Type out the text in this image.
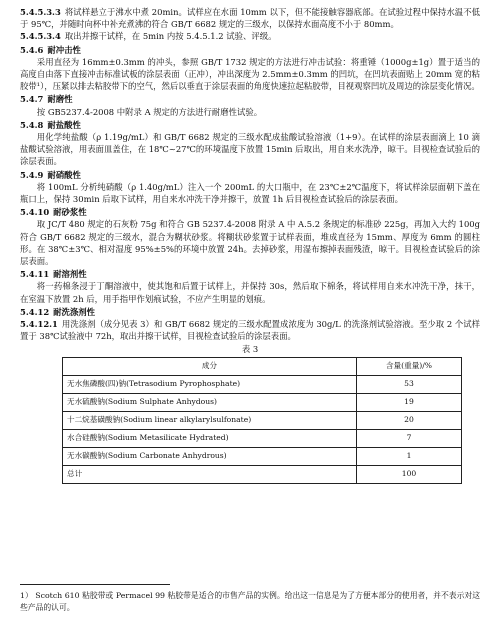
5.4.5.3.3 将试样悬立于沸水中煮 20min。试样应在水面 10mm 以下，但不能接触容器底部。在试验过程中保持水温不低于 95℃，并随时向杯中补充煮沸的符合 GB/T 6682 规定的三级水，以保持水面高度不小于 80mm。

5.4.5.3.4 取出并擦干试样，在 5min 内按 5.4.5.1.2 试验、评级。

5.4.6 耐冲击性

采用直径为 16mm±0.3mm 的冲头，参照 GB/T 1732 规定的方法进行冲击试验：将重锤（1000g±1g）置于适当的高度自由落下直接冲击标准试板的涂层表面（正冲），冲出深度为 2.5mm±0.3mm 的凹坑，在凹坑表面贴上 20mm 宽的粘胶带¹），压紧以排去粘胶带下的空气，然后以垂直于涂层表面的角度快速拉起粘胶带，目视观察凹坑及周边的涂层变化情况。

5.4.7 耐磨性

按 GB5237.4-2008 中附录 A 规定的方法进行耐磨性试验。

5.4.8 耐盐酸性

用化学纯盐酸（ρ 1.19g/mL）和 GB/T 6682 规定的三级水配成盐酸试验溶液（1+9）。在试样的涂层表面滴上 10 滴盐酸试验溶液，用表面皿盖住，在 18℃~27℃的环境温度下放置 15min 后取出，用自来水洗净，晾干。目视检查试验后的涂层表面。

5.4.9 耐硝酸性

将 100mL 分析纯硝酸（ρ 1.40g/mL）注入一个 200mL 的大口瓶中，在 23℃±2℃温度下，将试样涂层面朝下盖在瓶口上，保持 30min 后取下试样，用自来水冲洗干净并擦干，放置 1h 后目视检查试验后的涂层表面。

5.4.10 耐砂浆性

取 JC/T 480 规定的石灰粉 75g 和符合 GB 5237.4-2008 附录 A 中 A.5.2 条规定的标准砂 225g，再加入大约 100g 符合 GB/T 6682 规定的三级水，混合为糊状砂浆。将糊状砂浆置于试样表面，堆成直径为 15mm、厚度为 6mm 的圆柱形。在 38℃±3℃、相对湿度 95%±5%的环境中放置 24h。去掉砂浆，用湿布擦掉表面残渣，晾干。目视检查试验后的涂层表面。

5.4.11 耐溶剂性

将一药棉条浸于丁酮溶液中，使其饱和后置于试样上，并保持 30s，然后取下棉条，将试样用自来水冲洗干净，抹干，在室温下放置 2h 后，用手指甲作划痕试验，不应产生明显的划痕。

5.4.12 耐洗涤剂性

5.4.12.1 用洗涤剂（成分见表 3）和 GB/T 6682 规定的三级水配置成浓度为 30g/L 的洗涤剂试验溶液。至少取 2 个试样置于 38℃试验液中 72h，取出并擦干试样，目视检查试验后的涂层表面。

表 3
成分	含量(重量)/%
无水焦磷酸(四)钠(Tetrasodium Pyrophosphate)	53
无水硫酸钠(Sodium Sulphate Anhydous)	19
十二烷基磺酸钠(Sodium linear alkylarylsulfonate)	20
水合硅酸钠(Sodium Metasilicate Hydrated)	7
无水碳酸钠(Sodium Carbonate Anhydrous)	1
总计	100

1） Scotch 610 粘胶带或 Permacel 99 粘胶带是适合的市售产品的实例。给出这一信息是为了方便本部分的使用者，并不表示对这些产品的认可。
